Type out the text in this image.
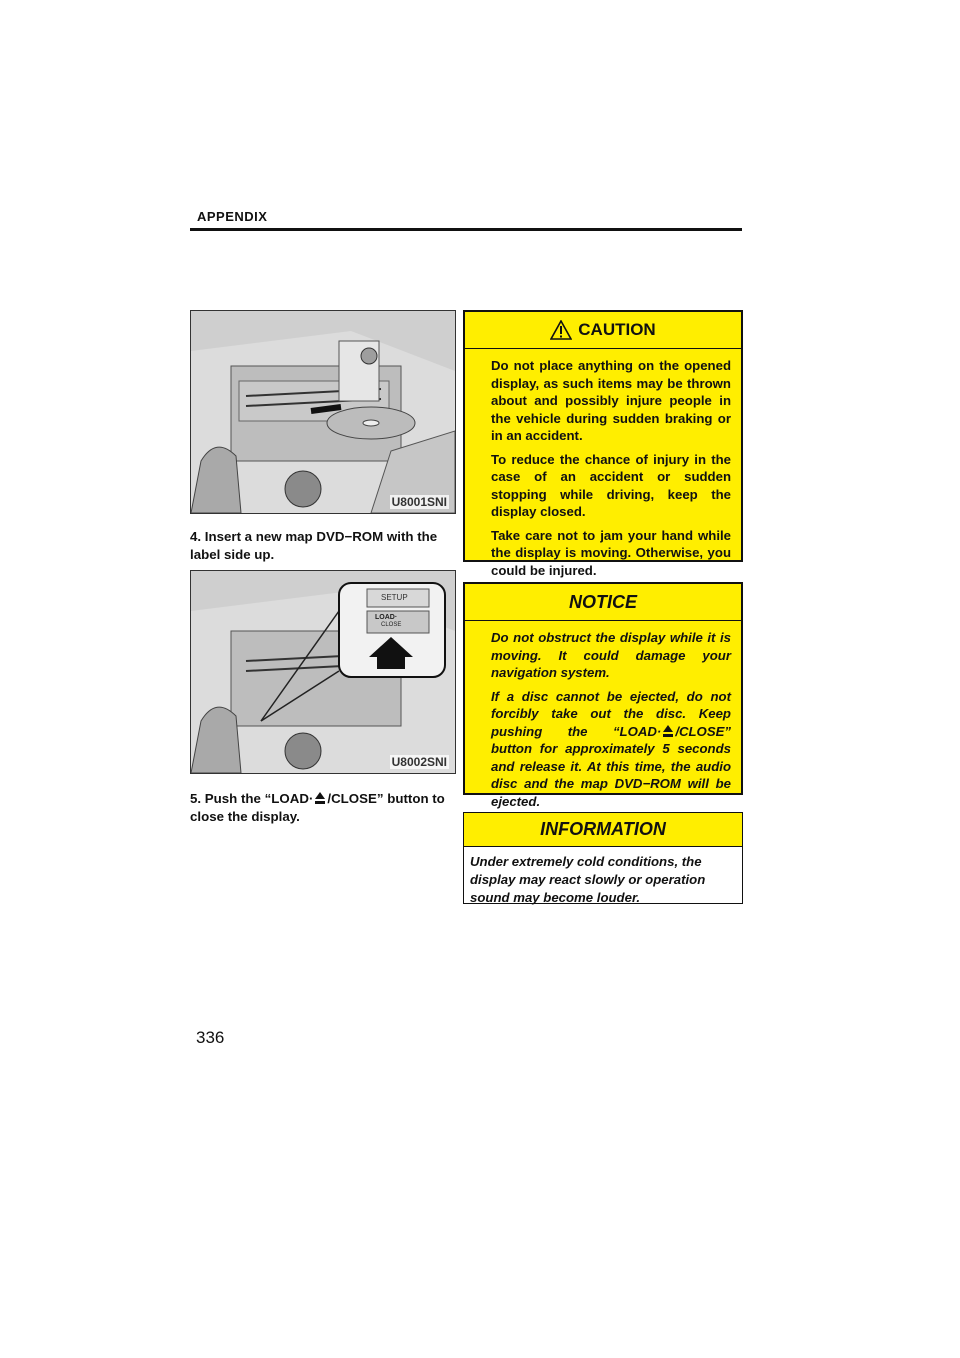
APPENDIX
U8001SNI
4. Insert a new map DVD−ROM with the label side up.
SETUP
LOAD·
CLOSE
U8002SNI
5. Push the “LOAD· /CLOSE” button to close the display.
CAUTION
Do not place anything on the opened display, as such items may be thrown about and possibly injure people in the vehicle during sudden braking or in an accident.
To reduce the chance of injury in the case of an accident or sudden stopping while driving, keep the display closed.
Take care not to jam your hand while the display is moving. Otherwise, you could be injured.
NOTICE
Do not obstruct the display while it is moving. It could damage your navigation system.
If a disc cannot be ejected, do not forcibly take out the disc. Keep pushing the “LOAD· /CLOSE” button for approximately 5 seconds and release it. At this time, the audio disc and the map DVD−ROM will be ejected.
INFORMATION
Under extremely cold conditions, the display may react slowly or operation sound may become louder.
336
